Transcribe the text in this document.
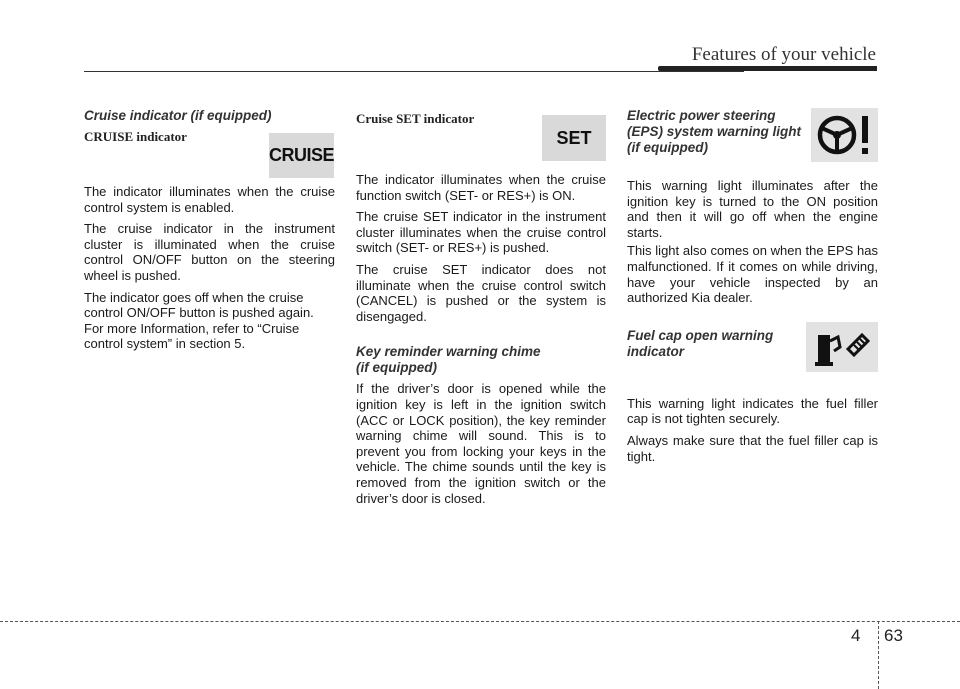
Features of your vehicle

Cruise indicator (if equipped)

CRUISE indicator

The indicator illuminates when the cruise control system is enabled.

The cruise indicator in the instrument cluster is illuminated when the cruise control ON/OFF button on the steering wheel is pushed.

The indicator goes off when the cruise control ON/OFF button is pushed again. For more Information, refer to “Cruise control system” in section 5.

CRUISE

Cruise SET indicator

The indicator illuminates when the cruise function switch (SET- or RES+) is ON.

The cruise SET indicator in the instrument cluster illuminates when the cruise control switch (SET- or RES+) is pushed.

The cruise SET indicator does not illuminate when the cruise control switch (CANCEL) is pushed or the system is disengaged.

Key reminder warning chime

(if equipped)

If the driver’s door is opened while the ignition key is left in the ignition switch (ACC or LOCK position), the key reminder warning chime will sound. This is to prevent you from locking your keys in the vehicle. The chime sounds until the key is removed from the ignition switch or the driver’s door is closed.

SET

Electric power steering

(EPS) system warning light

(if equipped)

This warning light illuminates after the ignition key is turned to the ON position and then it will go off when the engine starts.

This light also comes on when the EPS has malfunctioned. If it comes on while driving, have your vehicle inspected by an authorized Kia dealer.

Fuel cap open warning

indicator

This warning light indicates the fuel filler cap is not tighten securely.

Always make sure that the fuel filler cap is tight.

4 63
